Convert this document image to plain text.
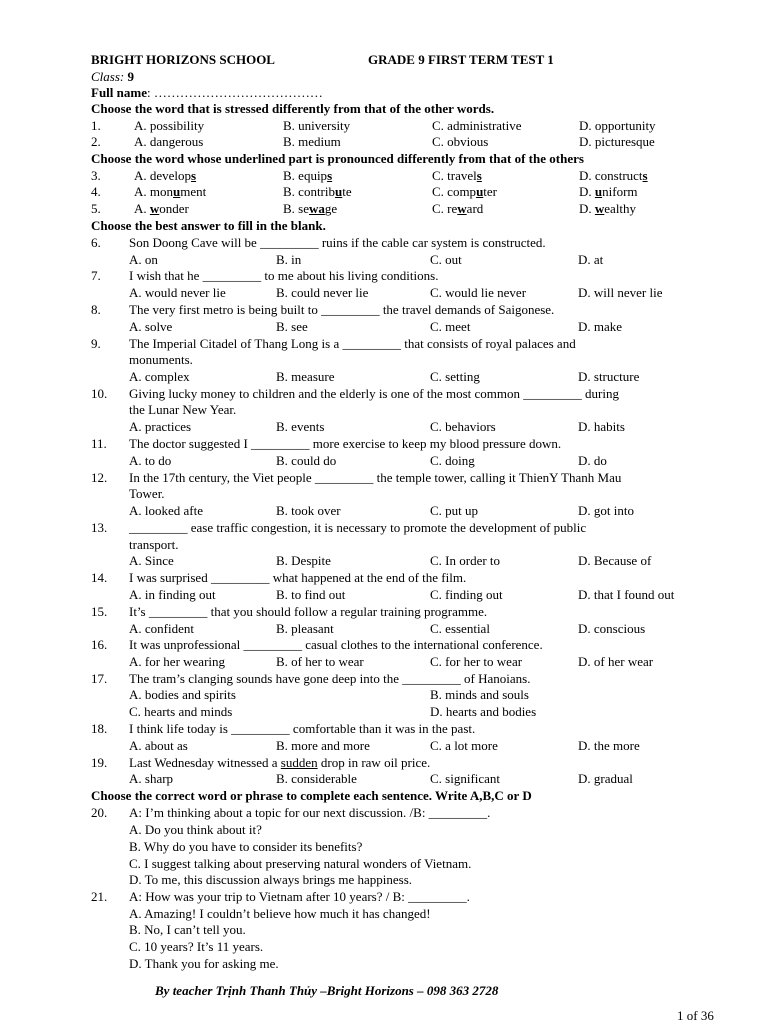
BRIGHT HORIZONS SCHOOL	GRADE 9 FIRST TERM TEST 1
Class: 9
Full name: …………………………………
Choose the word that is stressed differently from that of the other words.
1.	A. possibility	B. university	C. administrative	D. opportunity
2.	A. dangerous	B. medium	C. obvious	D. picturesque
Choose the word whose underlined part is pronounced differently from that of the others
3.	A. develops	B. equips	C. travels	D. constructs
4.	A. monument	B. contribute	C. computer	D. uniform
5.	A. wonder	B. sewage	C. reward	D. wealthy
Choose the best answer to fill in the blank.
6. Son Doong Cave will be _________ ruins if the cable car system is constructed.
A. on	B. in	C. out	D. at
7. I wish that he _________ to me about his living conditions.
A. would never lie	B. could never lie	C. would lie never	D. will never lie
8. The very first metro is being built to _________ the travel demands of Saigonese.
A. solve	B. see	C. meet	D. make
9. The Imperial Citadel of Thang Long is a _________ that consists of royal palaces and
monuments.
A. complex	B. measure	C. setting	D. structure
10. Giving lucky money to children and the elderly is one of the most common _________ during
the Lunar New Year.
A. practices	B. events	C. behaviors	D. habits
11. The doctor suggested I _________ more exercise to keep my blood pressure down.
A. to do	B. could do	C. doing	D. do
12. In the 17th century, the Viet people _________ the temple tower, calling it ThienY Thanh Mau
Tower.
A. looked afte	B. took over	C. put up	D. got into
13. _________ ease traffic congestion, it is necessary to promote the development of public
transport.
A. Since	B. Despite	C. In order to	D. Because of
14. I was surprised _________ what happened at the end of the film.
A. in finding out	B. to find out	C. finding out	D. that I found out
15. It’s _________ that you should follow a regular training programme.
A. confident	B. pleasant	C. essential	D. conscious
16. It was unprofessional _________ casual clothes to the international conference.
A. for her wearing	B. of her to wear	C. for her to wear	D. of her wear
17. The tram’s clanging sounds have gone deep into the _________ of Hanoians.
A. bodies and spirits	B. minds and souls
C. hearts and minds	D. hearts and bodies
18. I think life today is _________ comfortable than it was in the past.
A. about as	B. more and more	C. a lot more	D. the more
19. Last Wednesday witnessed a sudden drop in raw oil price.
A. sharp	B. considerable	C. significant	D. gradual
Choose the correct word or phrase to complete each sentence. Write A,B,C or D
20. A: I’m thinking about a topic for our next discussion. /B: _________.
A. Do you think about it?
B. Why do you have to consider its benefits?
C. I suggest talking about preserving natural wonders of Vietnam.
D. To me, this discussion always brings me happiness.
21. A: How was your trip to Vietnam after 10 years? / B: _________.
A. Amazing! I couldn’t believe how much it has changed!
B. No, I can’t tell you.
C. 10 years? It’s 11 years.
D. Thank you for asking me.
By teacher Trịnh Thanh Thủy –Bright Horizons – 098 363 2728
1 of 36
